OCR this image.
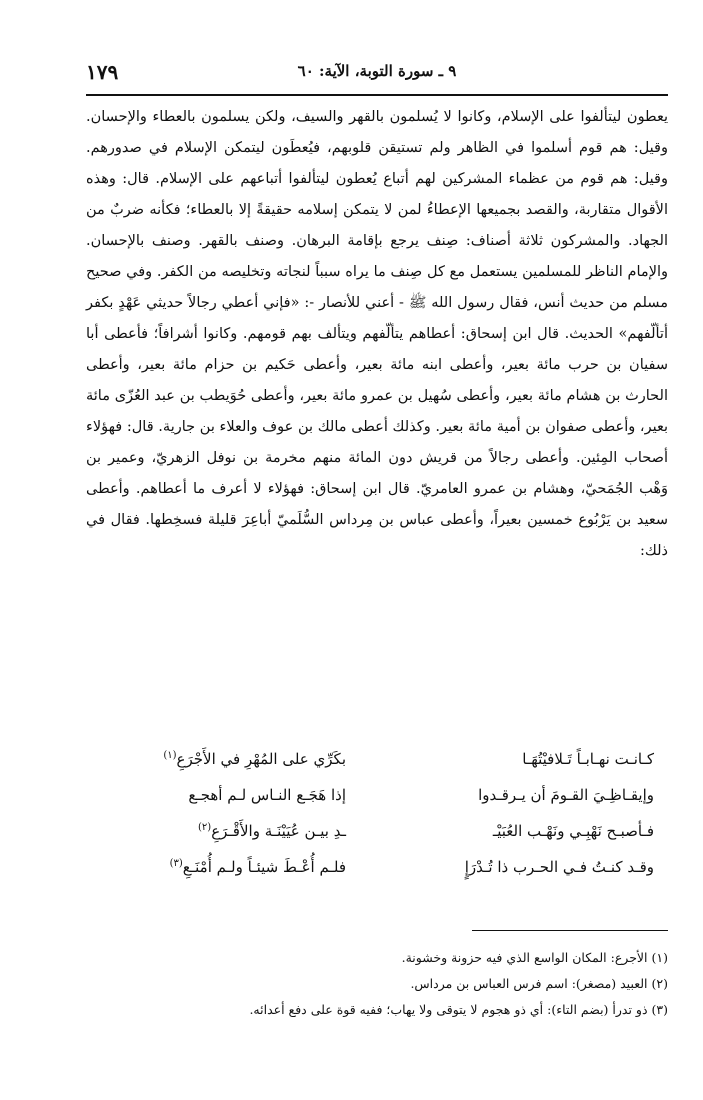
١٧٩	٩ ـ سورة التوبة، الآية: ٦٠

يعطون ليتألفوا على الإسلام، وكانوا لا يُسلمون بالقهر والسيف، ولكن يسلمون بالعطاء والإحسان. وقيل: هم قوم أسلموا في الظاهر ولم تستيقن قلوبهم، فيُعطَون ليتمكن الإسلام في صدورهم. وقيل: هم قوم من عظماء المشركين لهم أتباع يُعطون ليتألفوا أتباعهم على الإسلام. قال: وهذه الأقوال متقاربة، والقصد بجميعها الإعطاءُ لمن لا يتمكن إسلامه حقيقةً إلا بالعطاء؛ فكأنه ضربٌ من الجهاد. والمشركون ثلاثة أصناف: صِنف يرجع بإقامة البرهان. وصنف بالقهر. وصنف بالإحسان. والإمام الناظر للمسلمين يستعمل مع كل صِنف ما يراه سبباً لنجاته وتخليصه من الكفر. وفي صحيح مسلم من حديث أنس، فقال رسول الله ﷺ - أعني للأنصار -: «فإني أعطي رجالاً حديثي عَهْدٍ بكفر أتألّفهم» الحديث. قال ابن إسحاق: أعطاهم يتألّفهم ويتألف بهم قومهم. وكانوا أشرافاً؛ فأعطى أبا سفيان بن حرب مائة بعير، وأعطى ابنه مائة بعير، وأعطى حَكيم بن حزام مائة بعير، وأعطى الحارث بن هشام مائة بعير، وأعطى سُهيل بن عمرو مائة بعير، وأعطى حُوَيطب بن عبد العُزّى مائة بعير، وأعطى صفوان بن أمية مائة بعير. وكذلك أعطى مالك بن عوف والعلاء بن جارية. قال: فهؤلاء أصحاب المِئين. وأعطى رجالاً من قريش دون المائة منهم مخرمة بن نوفل الزهريّ، وعمير بن وَهْب الجُمَحيّ، وهشام بن عمرو العامريّ. قال ابن إسحاق: فهؤلاء لا أعرف ما أعطاهم. وأعطى سعيد بن يَرْبُوع خمسين بعيراً، وأعطى عباس بن مِرداس السُّلَميّ أباعِرَ قليلة فسخِطها. فقال في ذلك:

كـانـت نهـابـاً تَـلافيْتُهَـا
بكَرِّي على المُهْرِ في الأَجْرَعِ$^{(١)}$
وإيقـاظِـيَ القـومَ أن يـرقـدوا
إذا هَجَـع النـاس لـم أهجـع
فـأصبـح نَهْبِـي ونَهْـب العُبَيْـ
ـدِ بيـن عُيَيْنَـة والأَقْـرَعِ$^{(٢)}$
وقـد كنـتُ فـي الحـرب ذا تُـدْرَإٍ
فلـم أُعْـطَ شيئـاً ولـم أُمْنَـعِ$^{(٣)}$

(١) الأجرع: المكان الواسع الذي فيه حزونة وخشونة.

(٢) العبيد (مصغر): اسم فرس العباس بن مرداس.

(٣) ذو تدرأ (بضم التاء): أي ذو هجوم لا يتوقى ولا يهاب؛ ففيه قوة على دفع أعدائه.
